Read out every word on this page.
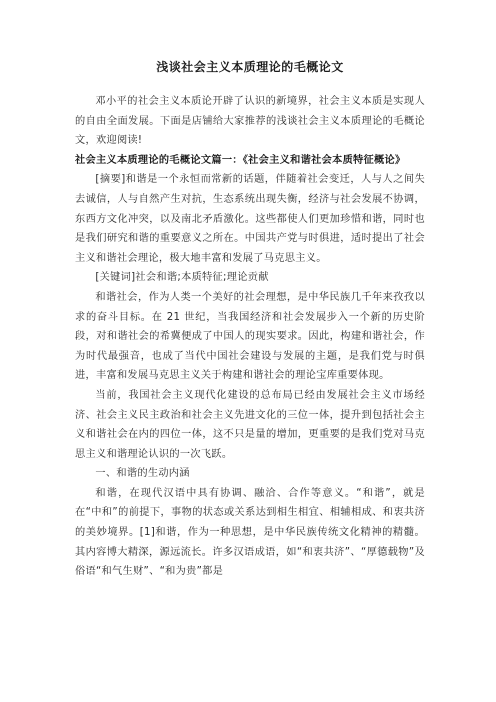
浅谈社会主义本质理论的毛概论文

邓小平的社会主义本质论开辟了认识的新境界，社会主义本质是实现人的自由全面发展。下面是店铺给大家推荐的浅谈社会主义本质理论的毛概论文，欢迎阅读!

社会主义本质理论的毛概论文篇一：《社会主义和谐社会本质特征概论》

[摘要]和谐是一个永恒而常新的话题，伴随着社会变迁，人与人之间失去诚信，人与自然产生对抗，生态系统出现失衡，经济与社会发展不协调，东西方文化冲突，以及南北矛盾激化。这些都使人们更加珍惜和谐，同时也是我们研究和谐的重要意义之所在。中国共产党与时俱进，适时提出了社会主义和谐社会理论，极大地丰富和发展了马克思主义。

[关键词]社会和谐;本质特征;理论贡献

和谐社会，作为人类一个美好的社会理想，是中华民族几千年来孜孜以求的奋斗目标。在 21 世纪，当我国经济和社会发展步入一个新的历史阶段，对和谐社会的希冀便成了中国人的现实要求。因此，构建和谐社会，作为时代最强音，也成了当代中国社会建设与发展的主题，是我们党与时俱进，丰富和发展马克思主义关于构建和谐社会的理论宝库重要体现。

当前，我国社会主义现代化建设的总布局已经由发展社会主义市场经济、社会主义民主政治和社会主义先进文化的三位一体，提升到包括社会主义和谐社会在内的四位一体，这不只是量的增加，更重要的是我们党对马克思主义和谐理论认识的一次飞跃。

一、和谐的生动内涵

和谐，在现代汉语中具有协调、融洽、合作等意义。“和谐”，就是在“中和”的前提下，事物的状态或关系达到相生相宜、相辅相成、和衷共济的美妙境界。[1]和谐，作为一种思想，是中华民族传统文化精神的精髓。其内容博大精深，源远流长。许多汉语成语，如“和衷共济”、“厚德载物”及俗语“和气生财”、“和为贵”都是
